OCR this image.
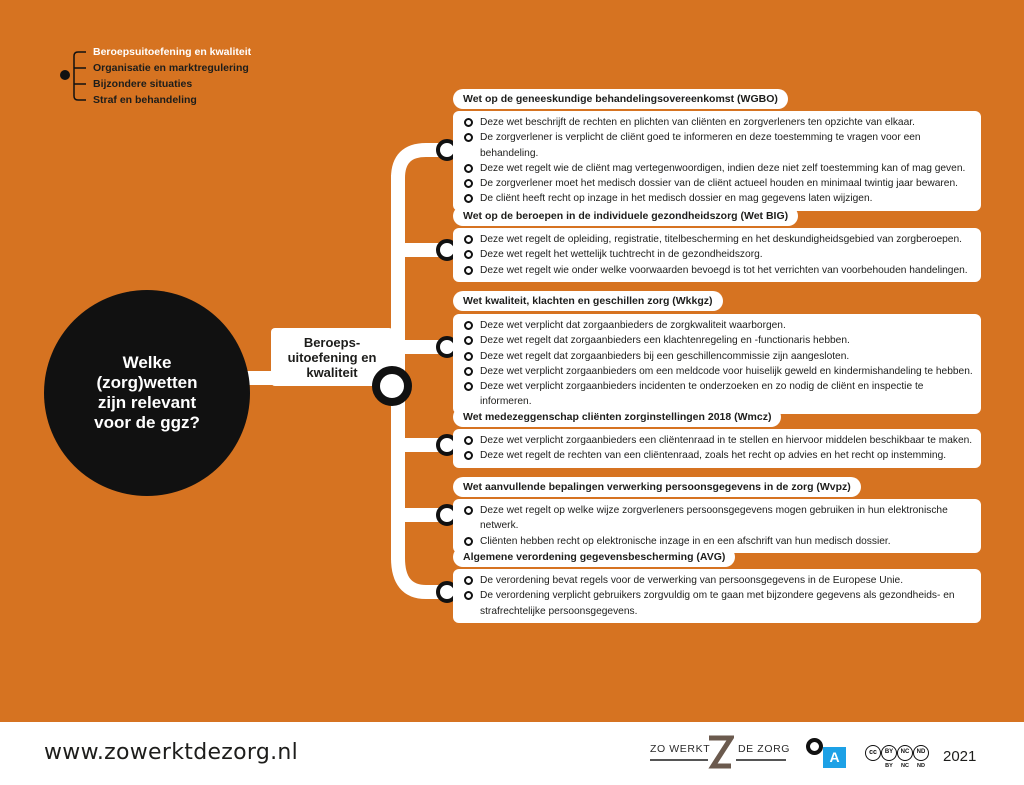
Beroepsuitoefening en kwaliteit
Organisatie en marktregulering
Bijzondere situaties
Straf en behandeling
Welke (zorg)wetten zijn relevant voor de ggz?
Beroeps-uitoefening en kwaliteit
Wet op de geneeskundige behandelingsovereenkomst (WGBO)
Deze wet beschrijft de rechten en plichten van cliënten en zorgverleners ten opzichte van elkaar.
De zorgverlener is verplicht de cliënt goed te informeren en deze toestemming te vragen voor een behandeling.
Deze wet regelt wie de cliënt mag vertegenwoordigen, indien deze niet zelf toestemming kan of mag geven.
De zorgverlener moet het medisch dossier van de cliënt actueel houden en minimaal twintig jaar bewaren.
De cliënt heeft recht op inzage in het medisch dossier en mag gegevens laten wijzigen.
Wet op de beroepen in de individuele gezondheidszorg (Wet BIG)
Deze wet regelt de opleiding, registratie, titelbescherming en het deskundigheidsgebied van zorgberoepen.
Deze wet regelt het wettelijk tuchtrecht in de gezondheidszorg.
Deze wet regelt wie onder welke voorwaarden bevoegd is tot het verrichten van voorbehouden handelingen.
Wet kwaliteit, klachten en geschillen zorg (Wkkgz)
Deze wet verplicht dat zorgaanbieders de zorgkwaliteit waarborgen.
Deze wet regelt dat zorgaanbieders een klachtenregeling en -functionaris hebben.
Deze wet regelt dat zorgaanbieders bij een geschillencommissie zijn aangesloten.
Deze wet verplicht zorgaanbieders om een meldcode voor huiselijk geweld en kindermishandeling te hebben.
Deze wet verplicht zorgaanbieders incidenten te onderzoeken en zo nodig de cliënt en inspectie te informeren.
Wet medezeggenschap cliënten zorginstellingen 2018 (Wmcz)
Deze wet verplicht zorgaanbieders een cliëntenraad in te stellen en hiervoor middelen beschikbaar te maken.
Deze wet regelt de rechten van een cliëntenraad, zoals het recht op advies en het recht op instemming.
Wet aanvullende bepalingen verwerking persoonsgegevens in de zorg (Wvpz)
Deze wet regelt op welke wijze zorgverleners persoonsgegevens mogen gebruiken in hun elektronische netwerk.
Cliënten hebben recht op elektronische inzage in en een afschrift van hun medisch dossier.
Algemene verordening gegevensbescherming (AVG)
De verordening bevat regels voor de verwerking van persoonsgegevens in de Europese Unie.
De verordening verplicht gebruikers zorgvuldig om te gaan met bijzondere gegevens als gezondheids- en strafrechtelijke persoonsgegevens.
www.zowerktdezorg.nl	ZO WERKT	DE ZORG	A	cc	BY	NC	ND
BY	NC	ND
2021
